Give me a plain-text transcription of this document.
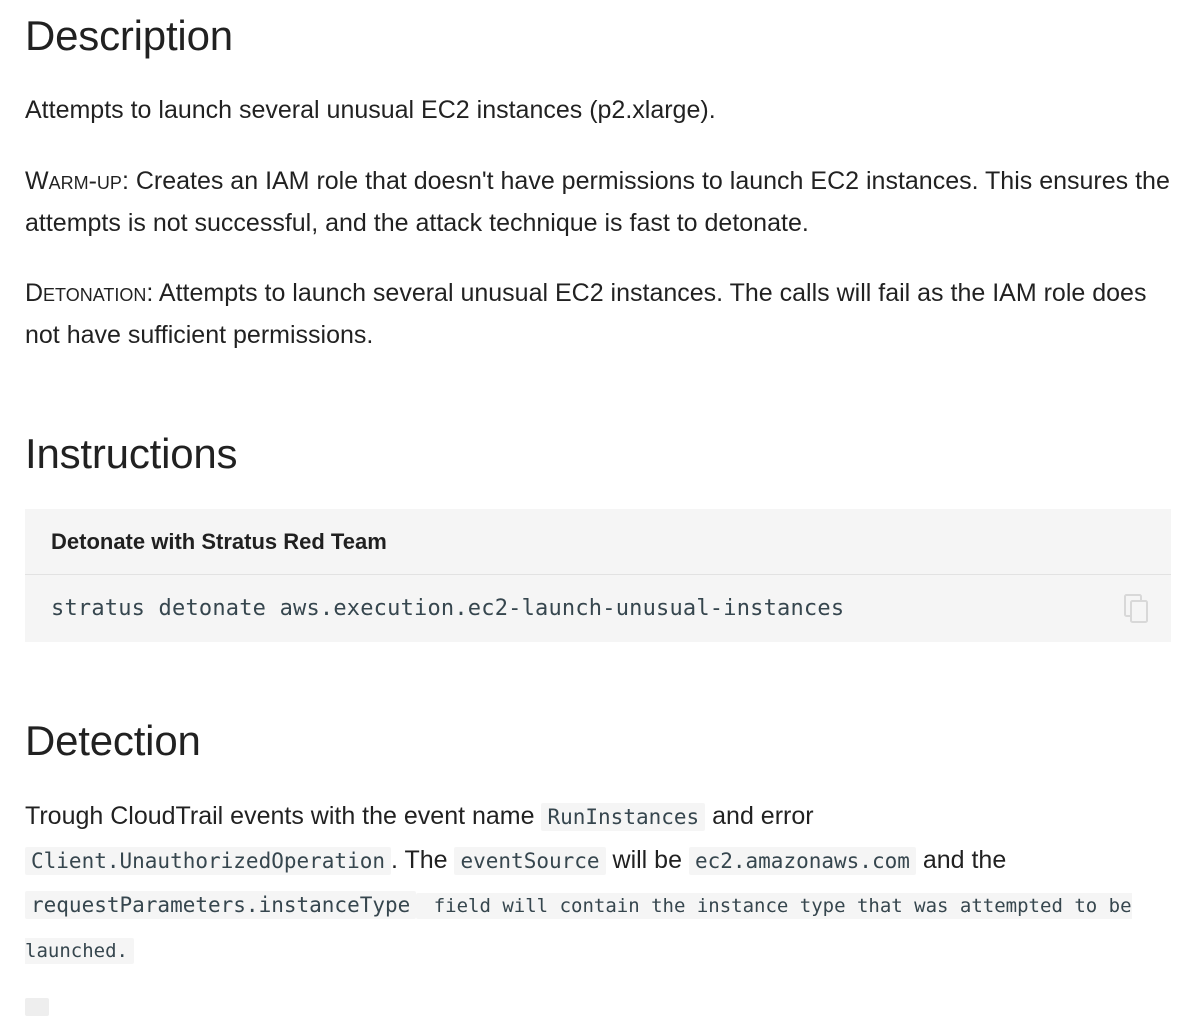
Description

Attempts to launch several unusual EC2 instances (p2.xlarge).

Warm-up: Creates an IAM role that doesn't have permissions to launch EC2 instances. This ensures the attempts is not successful, and the attack technique is fast to detonate.

Detonation: Attempts to launch several unusual EC2 instances. The calls will fail as the IAM role does not have sufficient permissions.

Instructions
Detonate with Stratus Red Team
stratus detonate aws.execution.ec2-launch-unusual-instances
Detection

Trough CloudTrail events with the event name RunInstances and error Client.UnauthorizedOperation . The eventSource will be ec2.amazonaws.com and the requestParameters.instanceType field will contain the instance type that was attempted to be launched.
